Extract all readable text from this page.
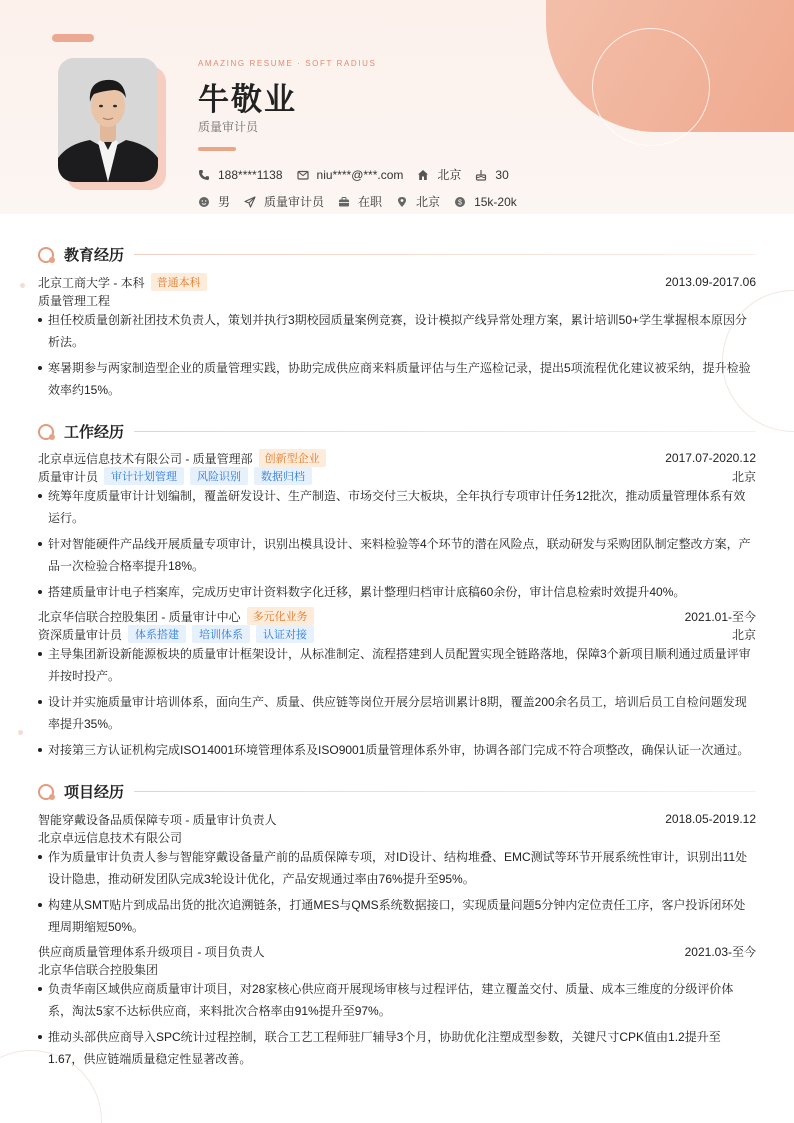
AMAZING RESUME · SOFT RADIUS
牛敬业
质量审计员
188****1138	niu****@***.com	北京	30
男	质量审计员	在职	北京	$ 15k-20k
教育经历
北京工商大学 - 本科	普通本科	2013.09-2017.06
质量管理工程
担任校质量创新社团技术负责人，策划并执行3期校园质量案例竞赛，设计模拟产线异常处理方案，累计培训50+学生掌握根本原因分析法。
寒暑期参与两家制造型企业的质量管理实践，协助完成供应商来料质量评估与生产巡检记录，提出5项流程优化建议被采纳，提升检验效率约15%。
工作经历
北京卓远信息技术有限公司 - 质量管理部	创新型企业	2017.07-2020.12
质量审计员	审计计划管理	风险识别	数据归档	北京
统筹年度质量审计计划编制，覆盖研发设计、生产制造、市场交付三大板块，全年执行专项审计任务12批次，推动质量管理体系有效运行。
针对智能硬件产品线开展质量专项审计，识别出模具设计、来料检验等4个环节的潜在风险点，联动研发与采购团队制定整改方案，产品一次检验合格率提升18%。
搭建质量审计电子档案库，完成历史审计资料数字化迁移，累计整理归档审计底稿60余份，审计信息检索时效提升40%。
北京华信联合控股集团 - 质量审计中心	多元化业务	2021.01-至今
资深质量审计员	体系搭建	培训体系	认证对接	北京
主导集团新设新能源板块的质量审计框架设计，从标准制定、流程搭建到人员配置实现全链路落地，保障3个新项目顺利通过质量评审并按时投产。
设计并实施质量审计培训体系，面向生产、质量、供应链等岗位开展分层培训累计8期，覆盖200余名员工，培训后员工自检问题发现率提升35%。
对接第三方认证机构完成ISO14001环境管理体系及ISO9001质量管理体系外审，协调各部门完成不符合项整改，确保认证一次通过。
项目经历
智能穿戴设备品质保障专项 - 质量审计负责人	2018.05-2019.12
北京卓远信息技术有限公司
作为质量审计负责人参与智能穿戴设备量产前的品质保障专项，对ID设计、结构堆叠、EMC测试等环节开展系统性审计，识别出11处设计隐患，推动研发团队完成3轮设计优化，产品安规通过率由76%提升至95%。
构建从SMT贴片到成品出货的批次追溯链条，打通MES与QMS系统数据接口，实现质量问题5分钟内定位责任工序，客户投诉闭环处理周期缩短50%。
供应商质量管理体系升级项目 - 项目负责人	2021.03-至今
北京华信联合控股集团
负责华南区域供应商质量审计项目，对28家核心供应商开展现场审核与过程评估，建立覆盖交付、质量、成本三维度的分级评价体系，淘汰5家不达标供应商，来料批次合格率由91%提升至97%。
推动头部供应商导入SPC统计过程控制，联合工艺工程师驻厂辅导3个月，协助优化注塑成型参数，关键尺寸CPK值由1.2提升至1.67，供应链端质量稳定性显著改善。
